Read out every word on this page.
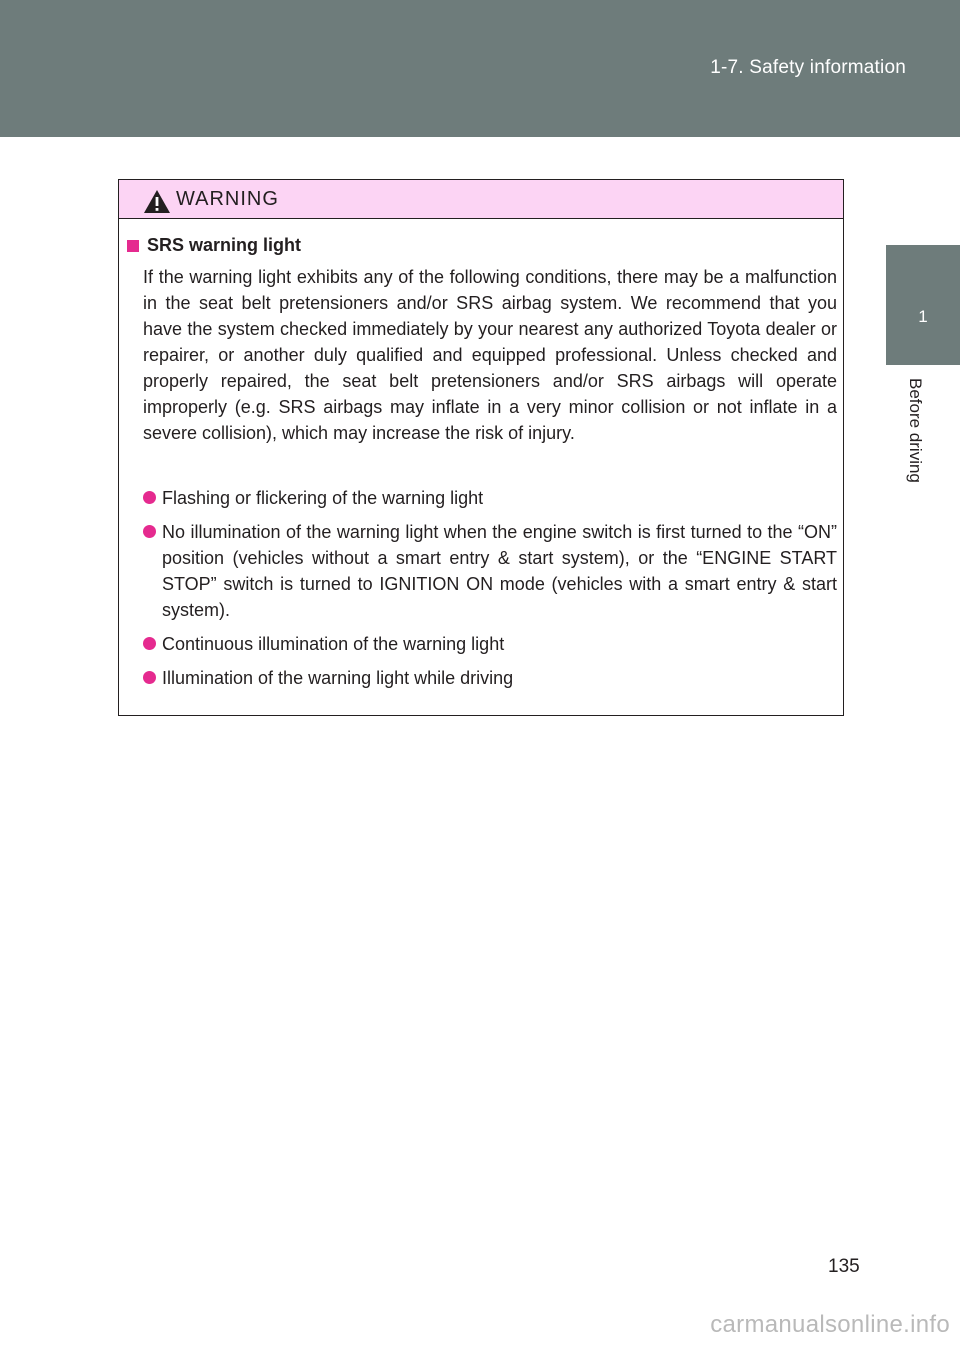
1-7. Safety information
1
Before driving
WARNING
SRS warning light
If the warning light exhibits any of the following conditions, there may be a malfunction in the seat belt pretensioners and/or SRS airbag system. We recommend that you have the system checked immediately by your nearest any authorized Toyota dealer or repairer, or another duly qualified and equipped professional. Unless checked and properly repaired, the seat belt pretensioners and/or SRS airbags will operate improperly (e.g. SRS airbags may inflate in a very minor collision or not inflate in a severe collision), which may increase the risk of injury.
Flashing or flickering of the warning light
No illumination of the warning light when the engine switch is first turned to the “ON” position (vehicles without a smart entry & start system), or the “ENGINE START STOP” switch is turned to IGNITION ON mode (vehicles with a smart entry & start system).
Continuous illumination of the warning light
Illumination of the warning light while driving
135
carmanualsonline.info
